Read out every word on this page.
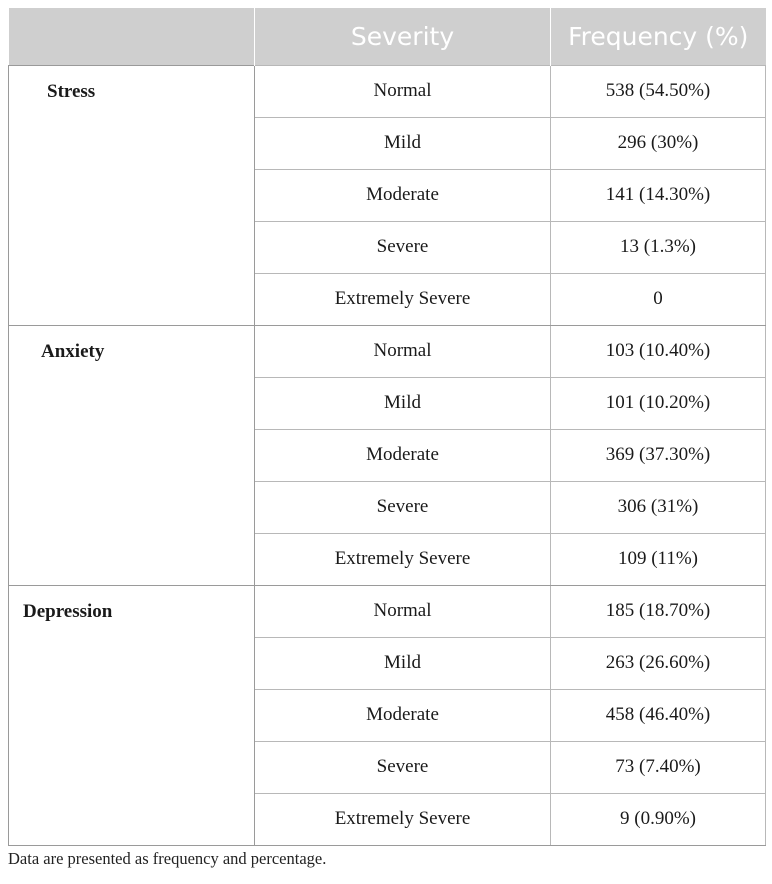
	Severity	Frequency (%)
Stress	Normal	538 (54.50%)
	Mild	296 (30%)
	Moderate	141 (14.30%)
	Severe	13 (1.3%)
	Extremely Severe	0
Anxiety	Normal	103 (10.40%)
	Mild	101 (10.20%)
	Moderate	369 (37.30%)
	Severe	306 (31%)
	Extremely Severe	109 (11%)
Depression	Normal	185 (18.70%)
	Mild	263 (26.60%)
	Moderate	458 (46.40%)
	Severe	73 (7.40%)
	Extremely Severe	9 (0.90%)
Data are presented as frequency and percentage.
